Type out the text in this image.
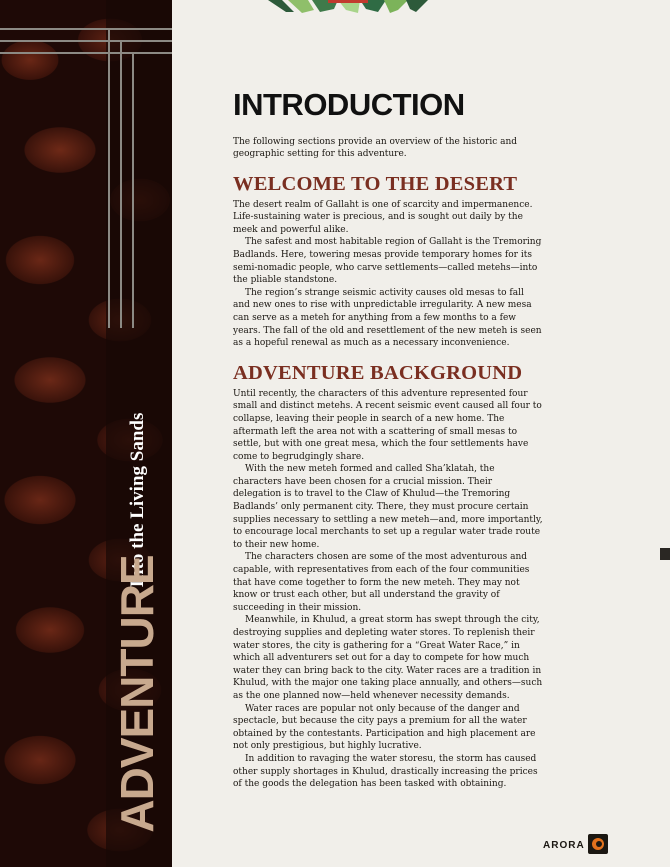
Into the Living Sands
ADVENTURE
INTRODUCTION

The following sections provide an overview of the historic and geographic setting for this adventure.

WELCOME TO THE DESERT

The desert realm of Gallaht is one of scarcity and impermanence. Life-sustaining water is precious, and is sought out daily by the meek and powerful alike.

The safest and most habitable region of Gallaht is the Tremoring Badlands. Here, towering mesas provide temporary homes for its semi-nomadic people, who carve settlements—called metehs—into the pliable standstone.

The region’s strange seismic activity causes old mesas to fall and new ones to rise with unpredictable irregularity. A new mesa can serve as a meteh for anything from a few months to a few years. The fall of the old and resettlement of the new meteh is seen as a hopeful renewal as much as a necessary inconvenience.

ADVENTURE BACKGROUND

Until recently, the characters of this adventure represented four small and distinct metehs. A recent seismic event caused all four to collapse, leaving their people in search of a new home. The aftermath left the area not with a scattering of small mesas to settle, but with one great mesa, which the four settlements have come to begrudgingly share.

With the new meteh formed and called Sha’klatah, the characters have been chosen for a crucial mission. Their delegation is to travel to the Claw of Khulud—the Tremoring Badlands’ only permanent city. There, they must procure certain supplies necessary to settling a new meteh—and, more importantly, to encourage local merchants to set up a regular water trade route to their new home.

The characters chosen are some of the most adventurous and capable, with representatives from each of the four communities that have come together to form the new meteh. They may not know or trust each other, but all understand the gravity of succeeding in their mission.

Meanwhile, in Khulud, a great storm has swept through the city, destroying supplies and depleting water stores. To replenish their water stores, the city is gathering for a “Great Water Race,” in which all adventurers set out for a day to compete for how much water they can bring back to the city. Water races are a tradition in Khulud, with the major one taking place annually, and others—such as the one planned now—held whenever necessity demands.

Water races are popular not only because of the danger and spectacle, but because the city pays a premium for all the water obtained by the contestants. Participation and high placement are not only prestigious, but highly lucrative.

In addition to ravaging the water storesu, the storm has caused other supply shortages in Khulud, drastically increasing the prices of the goods the delegation has been tasked with obtaining.

ARORA
